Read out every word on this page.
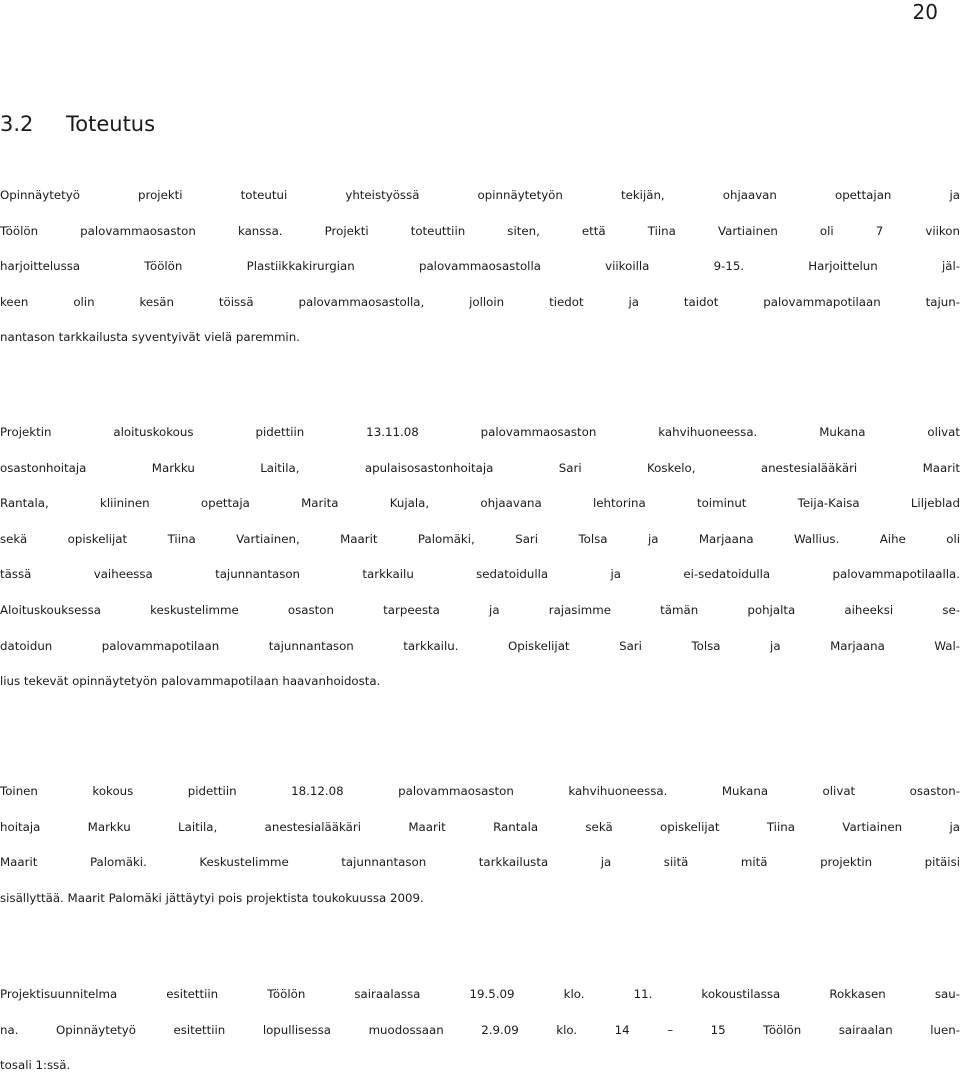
20
3.2 Toteutus
Opinnäytetyö projekti toteutui yhteistyössä opinnäytetyön tekijän, ohjaavan opettajan ja
Töölön palovammaosaston kanssa. Projekti toteuttiin siten, että Tiina Vartiainen oli 7 viikon
harjoittelussa Töölön Plastiikkakirurgian palovammaosastolla viikoilla 9-15. Harjoittelun jäl-
keen olin kesän töissä palovammaosastolla, jolloin tiedot ja taidot palovammapotilaan tajun-
nantason tarkkailusta syventyivät vielä paremmin.
Projektin aloituskokous pidettiin 13.11.08 palovammaosaston kahvihuoneessa. Mukana olivat
osastonhoitaja Markku Laitila, apulaisosastonhoitaja Sari Koskelo, anestesialääkäri Maarit
Rantala, kliininen opettaja Marita Kujala, ohjaavana lehtorina toiminut Teija-Kaisa Liljeblad
sekä opiskelijat Tiina Vartiainen, Maarit Palomäki, Sari Tolsa ja Marjaana Wallius. Aihe oli
tässä vaiheessa tajunnantason tarkkailu sedatoidulla ja ei-sedatoidulla palovammapotilaalla.
Aloituskouksessa keskustelimme osaston tarpeesta ja rajasimme tämän pohjalta aiheeksi se-
datoidun palovammapotilaan tajunnantason tarkkailu. Opiskelijat Sari Tolsa ja Marjaana Wal-
lius tekevät opinnäytetyön palovammapotilaan haavanhoidosta.
Toinen kokous pidettiin 18.12.08 palovammaosaston kahvihuoneessa. Mukana olivat osaston-
hoitaja Markku Laitila, anestesialääkäri Maarit Rantala sekä opiskelijat Tiina Vartiainen ja
Maarit Palomäki. Keskustelimme tajunnantason tarkkailusta ja siitä mitä projektin pitäisi
sisällyttää. Maarit Palomäki jättäytyi pois projektista toukokuussa 2009.
Projektisuunnitelma esitettiin Töölön sairaalassa 19.5.09 klo. 11. kokoustilassa Rokkasen sau-
na. Opinnäytetyö esitettiin lopullisessa muodossaan 2.9.09 klo. 14 – 15 Töölön sairaalan luen-
tosali 1:ssä.
